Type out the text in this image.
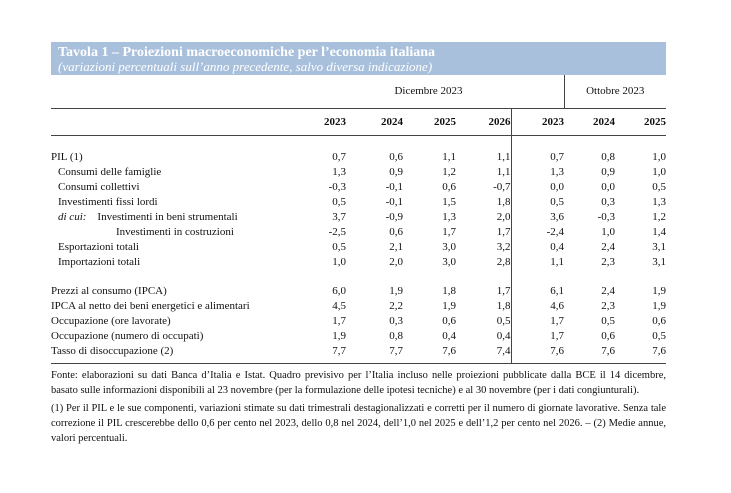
Tavola 1 – Proiezioni macroeconomiche per l’economia italiana
(variazioni percentuali sull’anno precedente, salvo diversa indicazione)
		Dicembre 2023				Ottobre 2023	
	2023	2024	2025	2026	2023	2024	2025

PIL (1)	0,7	0,6	1,1	1,1	0,7	0,8	1,0
Consumi delle famiglie	1,3	0,9	1,2	1,1	1,3	0,9	1,0
Consumi collettivi	-0,3	-0,1	0,6	-0,7	0,0	0,0	0,5
Investimenti fissi lordi	0,5	-0,1	1,5	1,8	0,5	0,3	1,3
di cui: Investimenti in beni strumentali	3,7	-0,9	1,3	2,0	3,6	-0,3	1,2
Investimenti in costruzioni	-2,5	0,6	1,7	1,7	-2,4	1,0	1,4
Esportazioni totali	0,5	2,1	3,0	3,2	0,4	2,4	3,1
Importazioni totali	1,0	2,0	3,0	2,8	1,1	2,3	3,1

Prezzi al consumo (IPCA)	6,0	1,9	1,8	1,7	6,1	2,4	1,9
IPCA al netto dei beni energetici e alimentari	4,5	2,2	1,9	1,8	4,6	2,3	1,9
Occupazione (ore lavorate)	1,7	0,3	0,6	0,5	1,7	0,5	0,6
Occupazione (numero di occupati)	1,9	0,8	0,4	0,4	1,7	0,6	0,5
Tasso di disoccupazione (2)	7,7	7,7	7,6	7,4	7,6	7,6	7,6

Fonte: elaborazioni su dati Banca d’Italia e Istat. Quadro previsivo per l’Italia incluso nelle proiezioni pubblicate dalla BCE il 14 dicembre, basato sulle informazioni disponibili al 23 novembre (per la formulazione delle ipotesi tecniche) e al 30 novembre (per i dati congiunturali).

(1) Per il PIL e le sue componenti, variazioni stimate su dati trimestrali destagionalizzati e corretti per il numero di giornate lavorative. Senza tale correzione il PIL crescerebbe dello 0,6 per cento nel 2023, dello 0,8 nel 2024, dell’1,0 nel 2025 e dell’1,2 per cento nel 2026. – (2) Medie annue, valori percentuali.
